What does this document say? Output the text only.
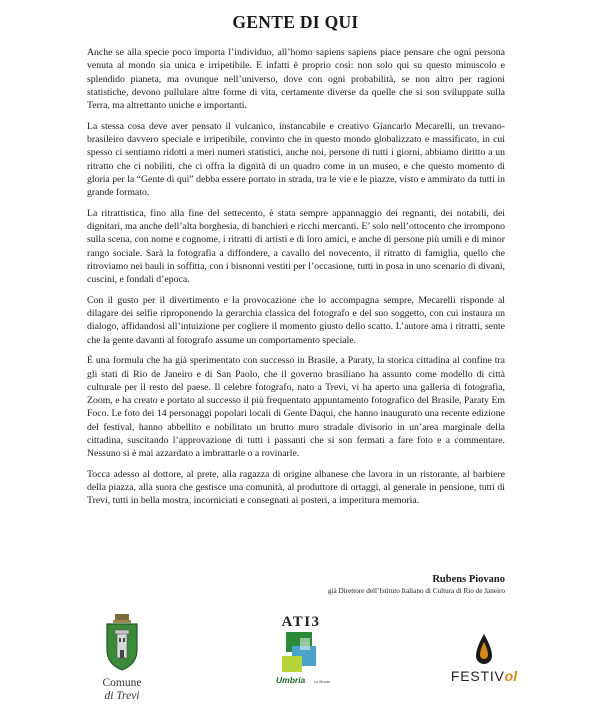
GENTE DI QUI

Anche se alla specie poco importa l’individuo, all’homo sapiens sapiens piace pensare che ogni persona venuta al mondo sia unica e irripetibile. E infatti è proprio così: non solo qui su questo minuscolo e splendido pianeta, ma ovunque nell’universo, dove con ogni probabilità, se non altro per ragioni statistiche, devono pullulare altre forme di vita, certamente diverse da quelle che si son sviluppate sulla Terra, ma altrettanto uniche e importanti.

La stessa cosa deve aver pensato il vulcanico, instancabile e creativo Giancarlo Mecarelli, un trevano-brasileiro davvero speciale e irripetibile, convinto che in questo mondo globalizzato e massificato, in cui spesso ci sentiamo ridotti a meri numeri statistici, anche noi, persone di tutti i giorni, abbiamo diritto a un ritratto che ci nobiliti, che ci offra la dignità di un quadro come in un museo, e che questo momento di gloria per la “Gente di qui” debba essere portato in strada, tra le vie e le piazze, visto e ammirato da tutti in grande formato.

La ritrattistica, fino alla fine del settecento, è stata sempre appannaggio dei regnanti, dei notabili, dei dignitari, ma anche dell’alta borghesia, di banchieri e ricchi mercanti. E’ solo nell’ottocento che irrompono sulla scena, con nome e cognome, i ritratti di artisti e di loro amici, e anche di persone più umili e di minor rango sociale. Sarà la fotografia a diffondere, a cavallo del novecento, il ritratto di famiglia, quello che ritroviamo nei bauli in soffitta, con i bisnonni vestiti per l’occasione, tutti in posa in uno scenario di divani, cuscini, e fondali d’epoca.

Con il gusto per il divertimento e la provocazione che lo accompagna sempre, Mecarelli risponde al dilagare dei selfie riproponendo la gerarchia classica del fotografo e del suo soggetto, con cui instaura un dialogo, affidandosi all’intuizione per cogliere il momento giusto dello scatto. L’autore ama i ritratti, sente che la gente davanti al fotografo assume un comportamento speciale.

È una formula che ha già sperimentato con successo in Brasile, a Paraty, la storica cittadina al confine tra gli stati di Rio de Janeiro e di San Paolo, che il governo brasiliano ha assunto come modello di città culturale per il resto del paese. Il celebre fotografo, nato a Trevi, vi ha aperto una galleria di fotografia, Zoom, e ha creato e portato al successo il più frequentato appuntamento fotografico del Brasile, Paraty Em Foco. Le foto dei 14 personaggi popolari locali di Gente Daqui, che hanno inaugurato una recente edizione del festival, hanno abbellito e nobilitato un brutto muro stradale divisorio in un’area marginale della cittadina, suscitando l’approvazione di tutti i passanti che si son fermati a fare foto e a commentare. Nessuno si è mai azzardato a imbrattarle o a rovinarle.

Tocca adesso al dottore, al prete, alla ragazza di origine albanese che lavora in un ristorante, al barbiere della piazza, alla suora che gestisce una comunità, al produttore di ortaggi, al generale in pensione, tutti di Trevi, tutti in bella mostra, incorniciati e consegnati ai posteri, a imperitura memoria.

Rubens Piovano
già Direttore dell’Istituto Italiano di Cultura di Rio de Janeiro
Comune
di Trevi
ATI3
Umbria La Strada	FESTIVol
